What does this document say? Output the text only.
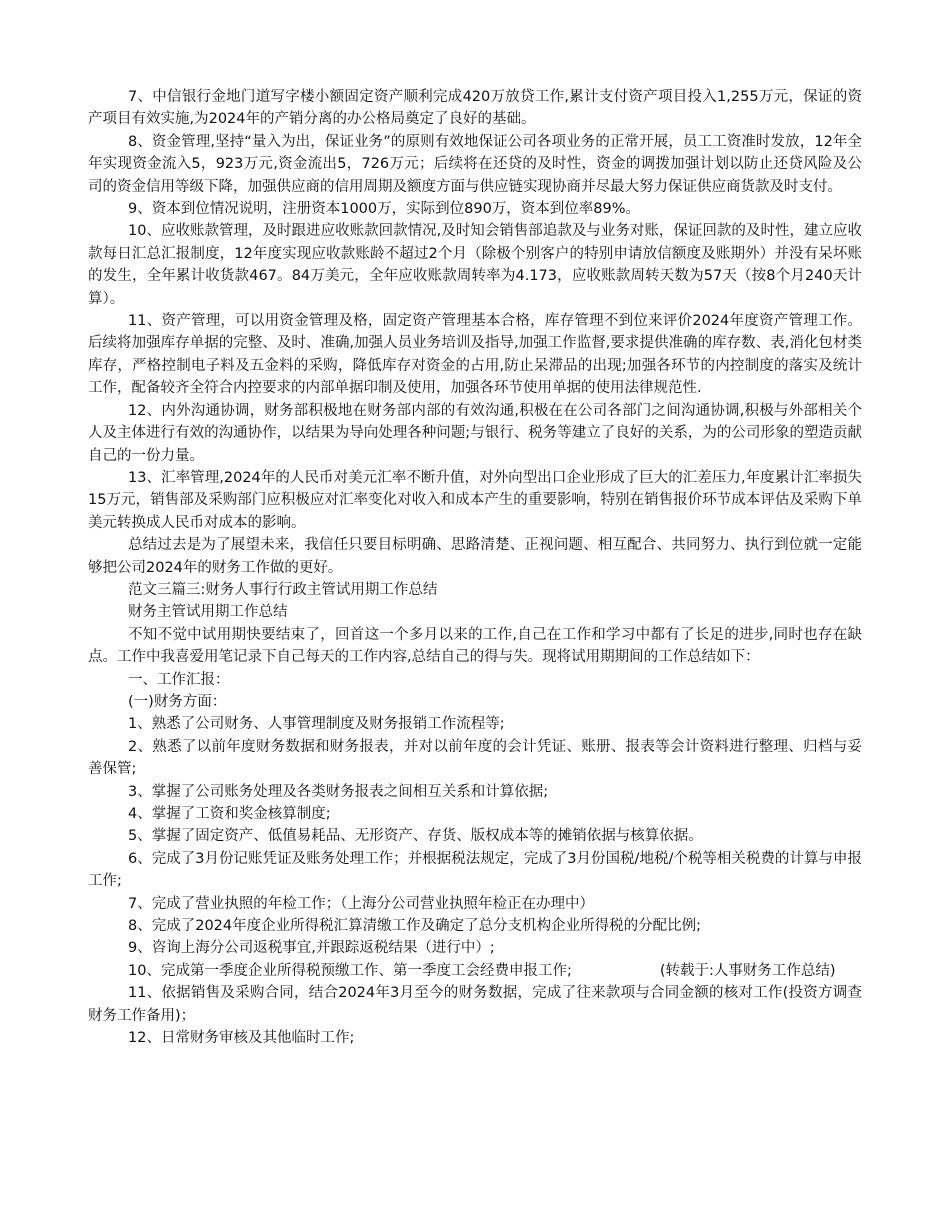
7、中信银行金地门道写字楼小额固定资产顺利完成420万放贷工作,累计支付资产项目投入1,255万元，保证的资产项目有效实施,为2024年的产销分离的办公格局奠定了良好的基础。

8、资金管理,坚持“量入为出，保证业务”的原则有效地保证公司各项业务的正常开展，员工工资准时发放，12年全年实现资金流入5，923万元,资金流出5，726万元；后续将在还贷的及时性，资金的调拨加强计划以防止还贷风险及公司的资金信用等级下降，加强供应商的信用周期及额度方面与供应链实现协商并尽最大努力保证供应商货款及时支付。

9、资本到位情况说明，注册资本1000万，实际到位890万，资本到位率89%。

10、应收账款管理，及时跟进应收账款回款情况,及时知会销售部追款及与业务对账，保证回款的及时性，建立应收款每日汇总汇报制度，12年度实现应收款账龄不超过2个月（除极个别客户的特别申请放信额度及账期外）并没有呆坏账的发生，全年累计收货款467。84万美元，全年应收账款周转率为4.173，应收账款周转天数为57天（按8个月240天计算）。

11、资产管理，可以用资金管理及格，固定资产管理基本合格，库存管理不到位来评价2024年度资产管理工作。后续将加强库存单据的完整、及时、准确,加强人员业务培训及指导,加强工作监督,要求提供准确的库存数、表,消化包材类库存，严格控制电子料及五金料的采购，降低库存对资金的占用,防止呆滞品的出现;加强各环节的内控制度的落实及统计工作，配备较齐全符合内控要求的内部单据印制及使用，加强各环节使用单据的使用法律规范性.

12、内外沟通协调，财务部积极地在财务部内部的有效沟通,积极在在公司各部门之间沟通协调,积极与外部相关个人及主体进行有效的沟通协作，以结果为导向处理各种问题;与银行、税务等建立了良好的关系，为的公司形象的塑造贡献自己的一份力量。

13、汇率管理,2024年的人民币对美元汇率不断升值，对外向型出口企业形成了巨大的汇差压力,年度累计汇率损失15万元，销售部及采购部门应积极应对汇率变化对收入和成本产生的重要影响，特别在销售报价环节成本评估及采购下单美元转换成人民币对成本的影响。

总结过去是为了展望未来，我信任只要目标明确、思路清楚、正视问题、相互配合、共同努力、执行到位就一定能够把公司2024年的财务工作做的更好。

范文三篇三:财务人事行行政主管试用期工作总结

财务主管试用期工作总结

不知不觉中试用期快要结束了，回首这一个多月以来的工作,自己在工作和学习中都有了长足的进步,同时也存在缺点。工作中我喜爱用笔记录下自己每天的工作内容,总结自己的得与失。现将试用期期间的工作总结如下：

一、工作汇报：

(一)财务方面：

1、熟悉了公司财务、人事管理制度及财务报销工作流程等;

2、熟悉了以前年度财务数据和财务报表，并对以前年度的会计凭证、账册、报表等会计资料进行整理、归档与妥善保管;

3、掌握了公司账务处理及各类财务报表之间相互关系和计算依据;

4、掌握了工资和奖金核算制度;

5、掌握了固定资产、低值易耗品、无形资产、存货、版权成本等的摊销依据与核算依据。

6、完成了3月份记账凭证及账务处理工作；并根据税法规定，完成了3月份国税/地税/个税等相关税费的计算与申报工作;

7、完成了营业执照的年检工作；（上海分公司营业执照年检正在办理中）

8、完成了2024年度企业所得税汇算清缴工作及确定了总分支机构企业所得税的分配比例;

9、咨询上海分公司返税事宜,并跟踪返税结果（进行中）;

10、完成第一季度企业所得税预缴工作、第一季度工会经费申报工作;	(转载于:人事财务工作总结)

11、依据销售及采购合同，结合2024年3月至今的财务数据，完成了往来款项与合同金额的核对工作(投资方调查财务工作备用)；

12、日常财务审核及其他临时工作;
